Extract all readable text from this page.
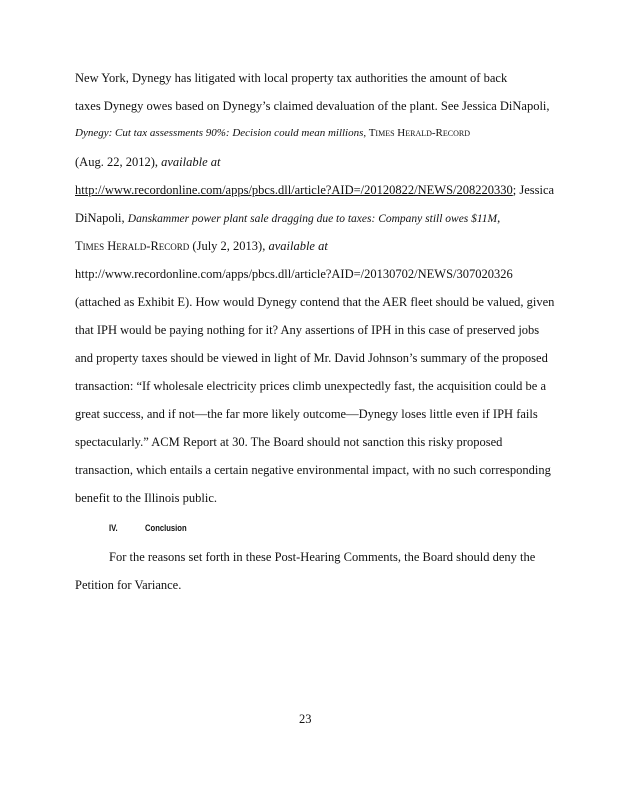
New York, Dynegy has litigated with local property tax authorities the amount of back
taxes Dynegy owes based on Dynegy’s claimed devaluation of the plant. See Jessica DiNapoli,
Dynegy: Cut tax assessments 90%: Decision could mean millions, Times Herald-Record
(Aug. 22, 2012), available at
http://www.recordonline.com/apps/pbcs.dll/article?AID=/20120822/NEWS/208220330; Jessica
DiNapoli, Danskammer power plant sale dragging due to taxes: Company still owes $11M,
Times Herald-Record (July 2, 2013), available at
http://www.recordonline.com/apps/pbcs.dll/article?AID=/20130702/NEWS/307020326
(attached as Exhibit E). How would Dynegy contend that the AER fleet should be valued, given
that IPH would be paying nothing for it? Any assertions of IPH in this case of preserved jobs
and property taxes should be viewed in light of Mr. David Johnson’s summary of the proposed
transaction: “If wholesale electricity prices climb unexpectedly fast, the acquisition could be a
great success, and if not—the far more likely outcome—Dynegy loses little even if IPH fails
spectacularly.” ACM Report at 30. The Board should not sanction this risky proposed
transaction, which entails a certain negative environmental impact, with no such corresponding
benefit to the Illinois public.
IV.	Conclusion
For the reasons set forth in these Post-Hearing Comments, the Board should deny the
Petition for Variance.
23
